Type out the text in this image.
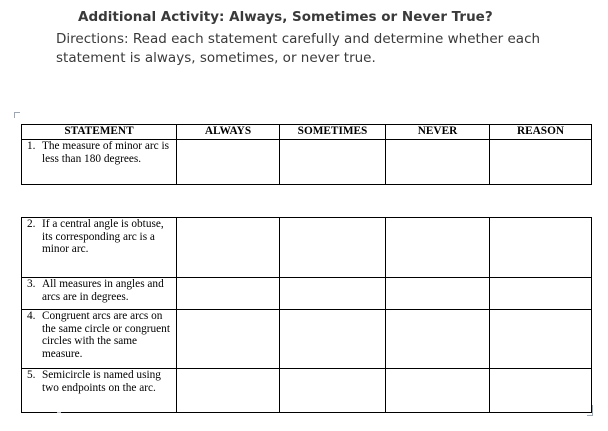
Additional Activity: Always, Sometimes or Never True?
Directions: Read each statement carefully and determine whether each statement is always, sometimes, or never true.
STATEMENT	ALWAYS	SOMETIMES	NEVER	REASON

1. The measure of minor arc is less than 180 degrees.				

2. If a central angle is obtuse, its corresponding arc is a minor arc.				

3. All measures in angles and arcs are in degrees.				

4. Congruent arcs are arcs on the same circle or congruent circles with the same measure.				

5. Semicircle is named using two endpoints on the arc.				
